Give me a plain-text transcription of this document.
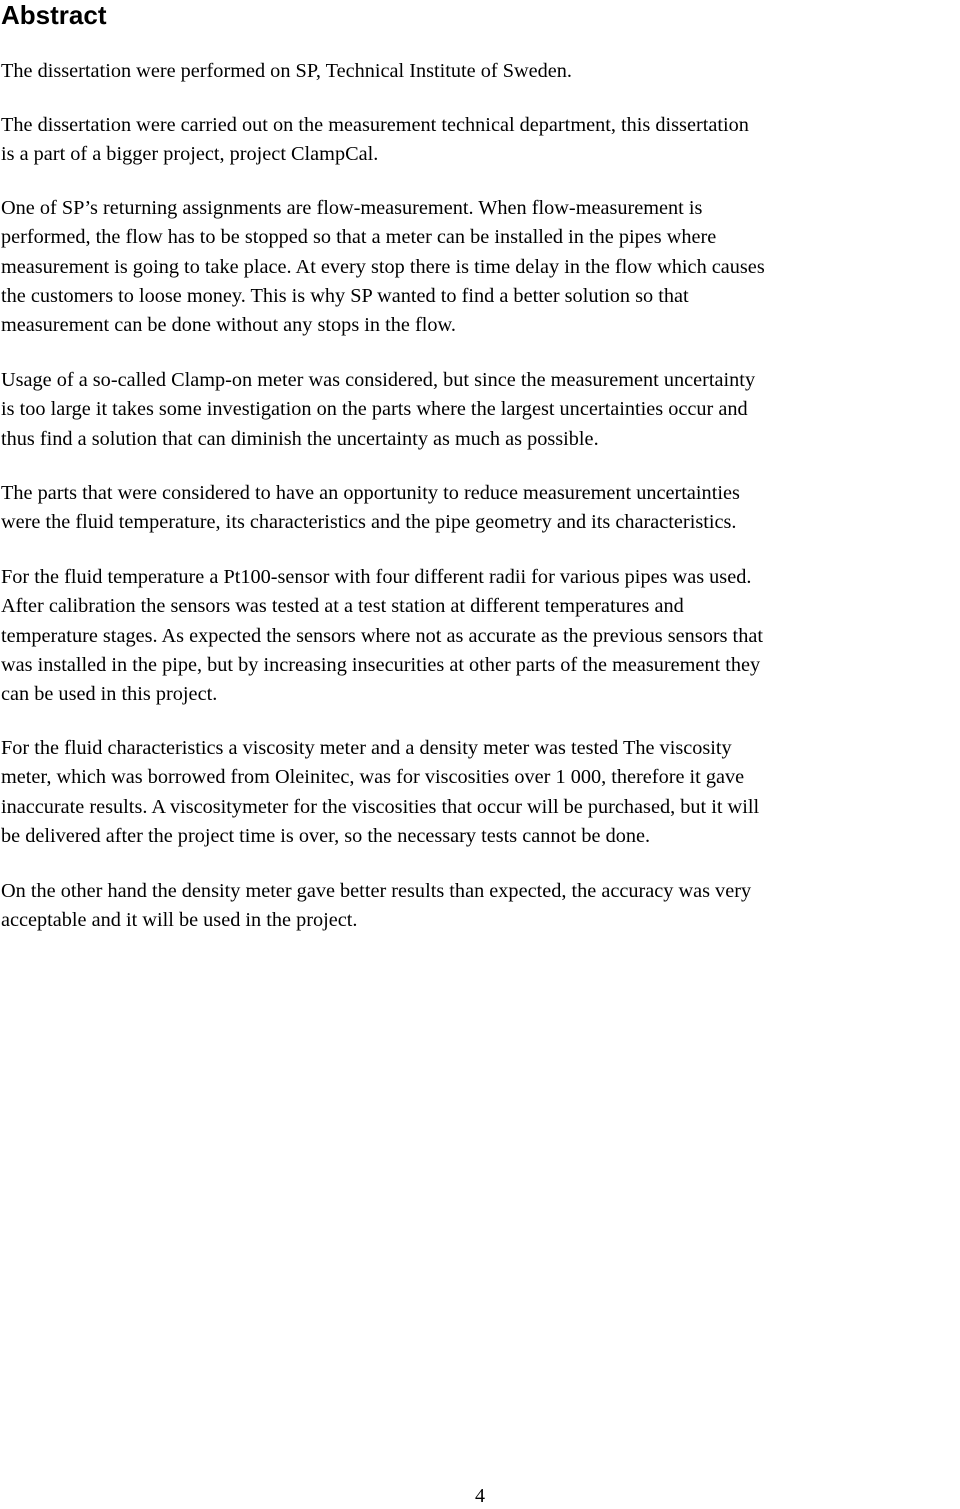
Abstract

The dissertation were performed on SP, Technical Institute of Sweden.

The dissertation were carried out on the measurement technical department, this dissertation
is a part of a bigger project, project ClampCal.

One of SP’s returning assignments are flow-measurement. When flow-measurement is
performed, the flow has to be stopped so that a meter can be installed in the pipes where
measurement is going to take place. At every stop there is time delay in the flow which causes
the customers to loose money. This is why SP wanted to find a better solution so that
measurement can be done without any stops in the flow.

Usage of a so-called Clamp-on meter was considered, but since the measurement uncertainty
is too large it takes some investigation on the parts where the largest uncertainties occur and
thus find a solution that can diminish the uncertainty as much as possible.

The parts that were considered to have an opportunity to reduce measurement uncertainties
were the fluid temperature, its characteristics and the pipe geometry and its characteristics.

For the fluid temperature a Pt100-sensor with four different radii for various pipes was used.
After calibration the sensors was tested at a test station at different temperatures and
temperature stages. As expected the sensors where not as accurate as the previous sensors that
was installed in the pipe, but by increasing insecurities at other parts of the measurement they
can be used in this project.

For the fluid characteristics a viscosity meter and a density meter was tested The viscosity
meter, which was borrowed from Oleinitec, was for viscosities over 1 000, therefore it gave
inaccurate results. A viscositymeter for the viscosities that occur will be purchased, but it will
be delivered after the project time is over, so the necessary tests cannot be done.

On the other hand the density meter gave better results than expected, the accuracy was very
acceptable and it will be used in the project.

4
